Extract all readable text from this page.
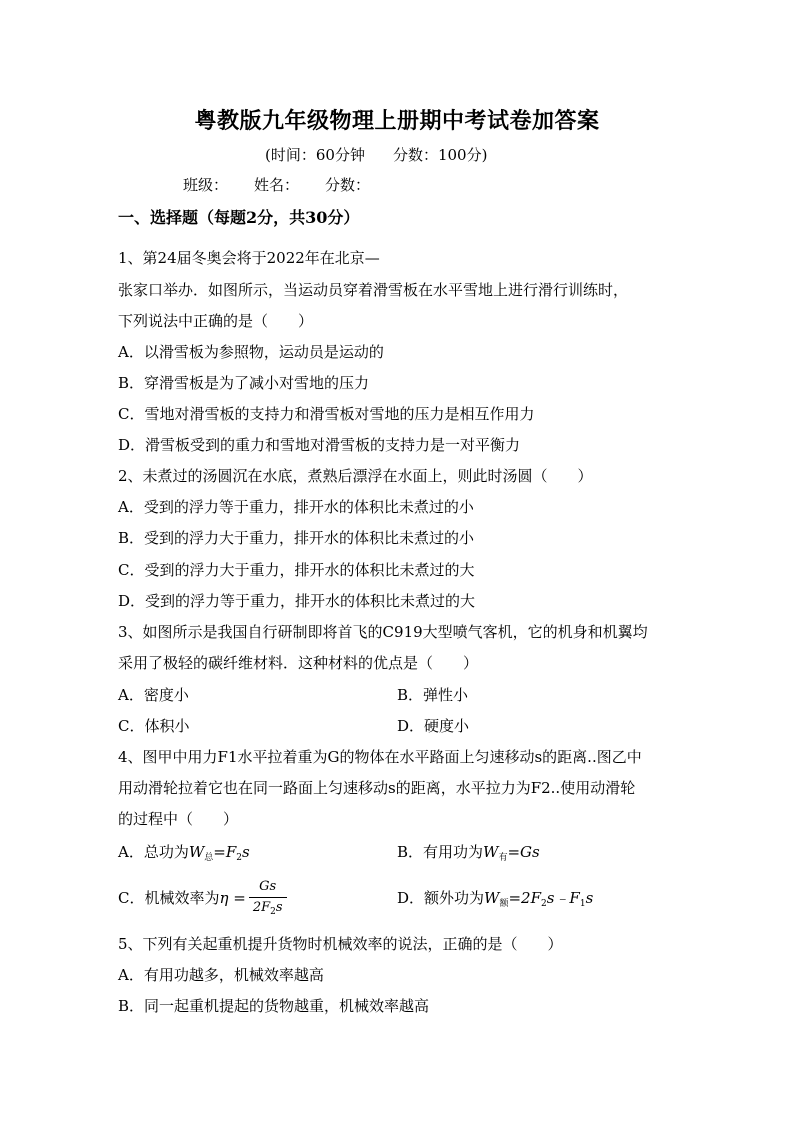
粤教版九年级物理上册期中考试卷加答案
(时间：60分钟 分数：100分)
班级： 姓名： 分数：
一、选择题（每题2分，共30分）
1、第24届冬奥会将于2022年在北京—
张家口举办．如图所示，当运动员穿着滑雪板在水平雪地上进行滑行训练时，
下列说法中正确的是（　　）
A．以滑雪板为参照物，运动员是运动的
B．穿滑雪板是为了减小对雪地的压力
C．雪地对滑雪板的支持力和滑雪板对雪地的压力是相互作用力
D．滑雪板受到的重力和雪地对滑雪板的支持力是一对平衡力
2、未煮过的汤圆沉在水底，煮熟后漂浮在水面上，则此时汤圆（　　）
A．受到的浮力等于重力，排开水的体积比未煮过的小
B．受到的浮力大于重力，排开水的体积比未煮过的小
C．受到的浮力大于重力，排开水的体积比未煮过的大
D．受到的浮力等于重力，排开水的体积比未煮过的大
3、如图所示是我国自行研制即将首飞的C919大型喷气客机，它的机身和机翼均
采用了极轻的碳纤维材料．这种材料的优点是（　　）
A．密度小	B．弹性小
C．体积小	D．硬度小
4、图甲中用力F1水平拉着重为G的物体在水平路面上匀速移动s的距离..图乙中
用动滑轮拉着它也在同一路面上匀速移动s的距离，水平拉力为F2..使用动滑轮
的过程中（　　）
A．总功为$W_总=F_2s$	B．有用功为$W_有=Gs$
C．机械效率为$\eta = \frac{Gs}{2F_2s}$	D．额外功为$W_额=2F_2s﹣F_1s$
5、下列有关起重机提升货物时机械效率的说法，正确的是（　　）
A．有用功越多，机械效率越高
B．同一起重机提起的货物越重，机械效率越高
